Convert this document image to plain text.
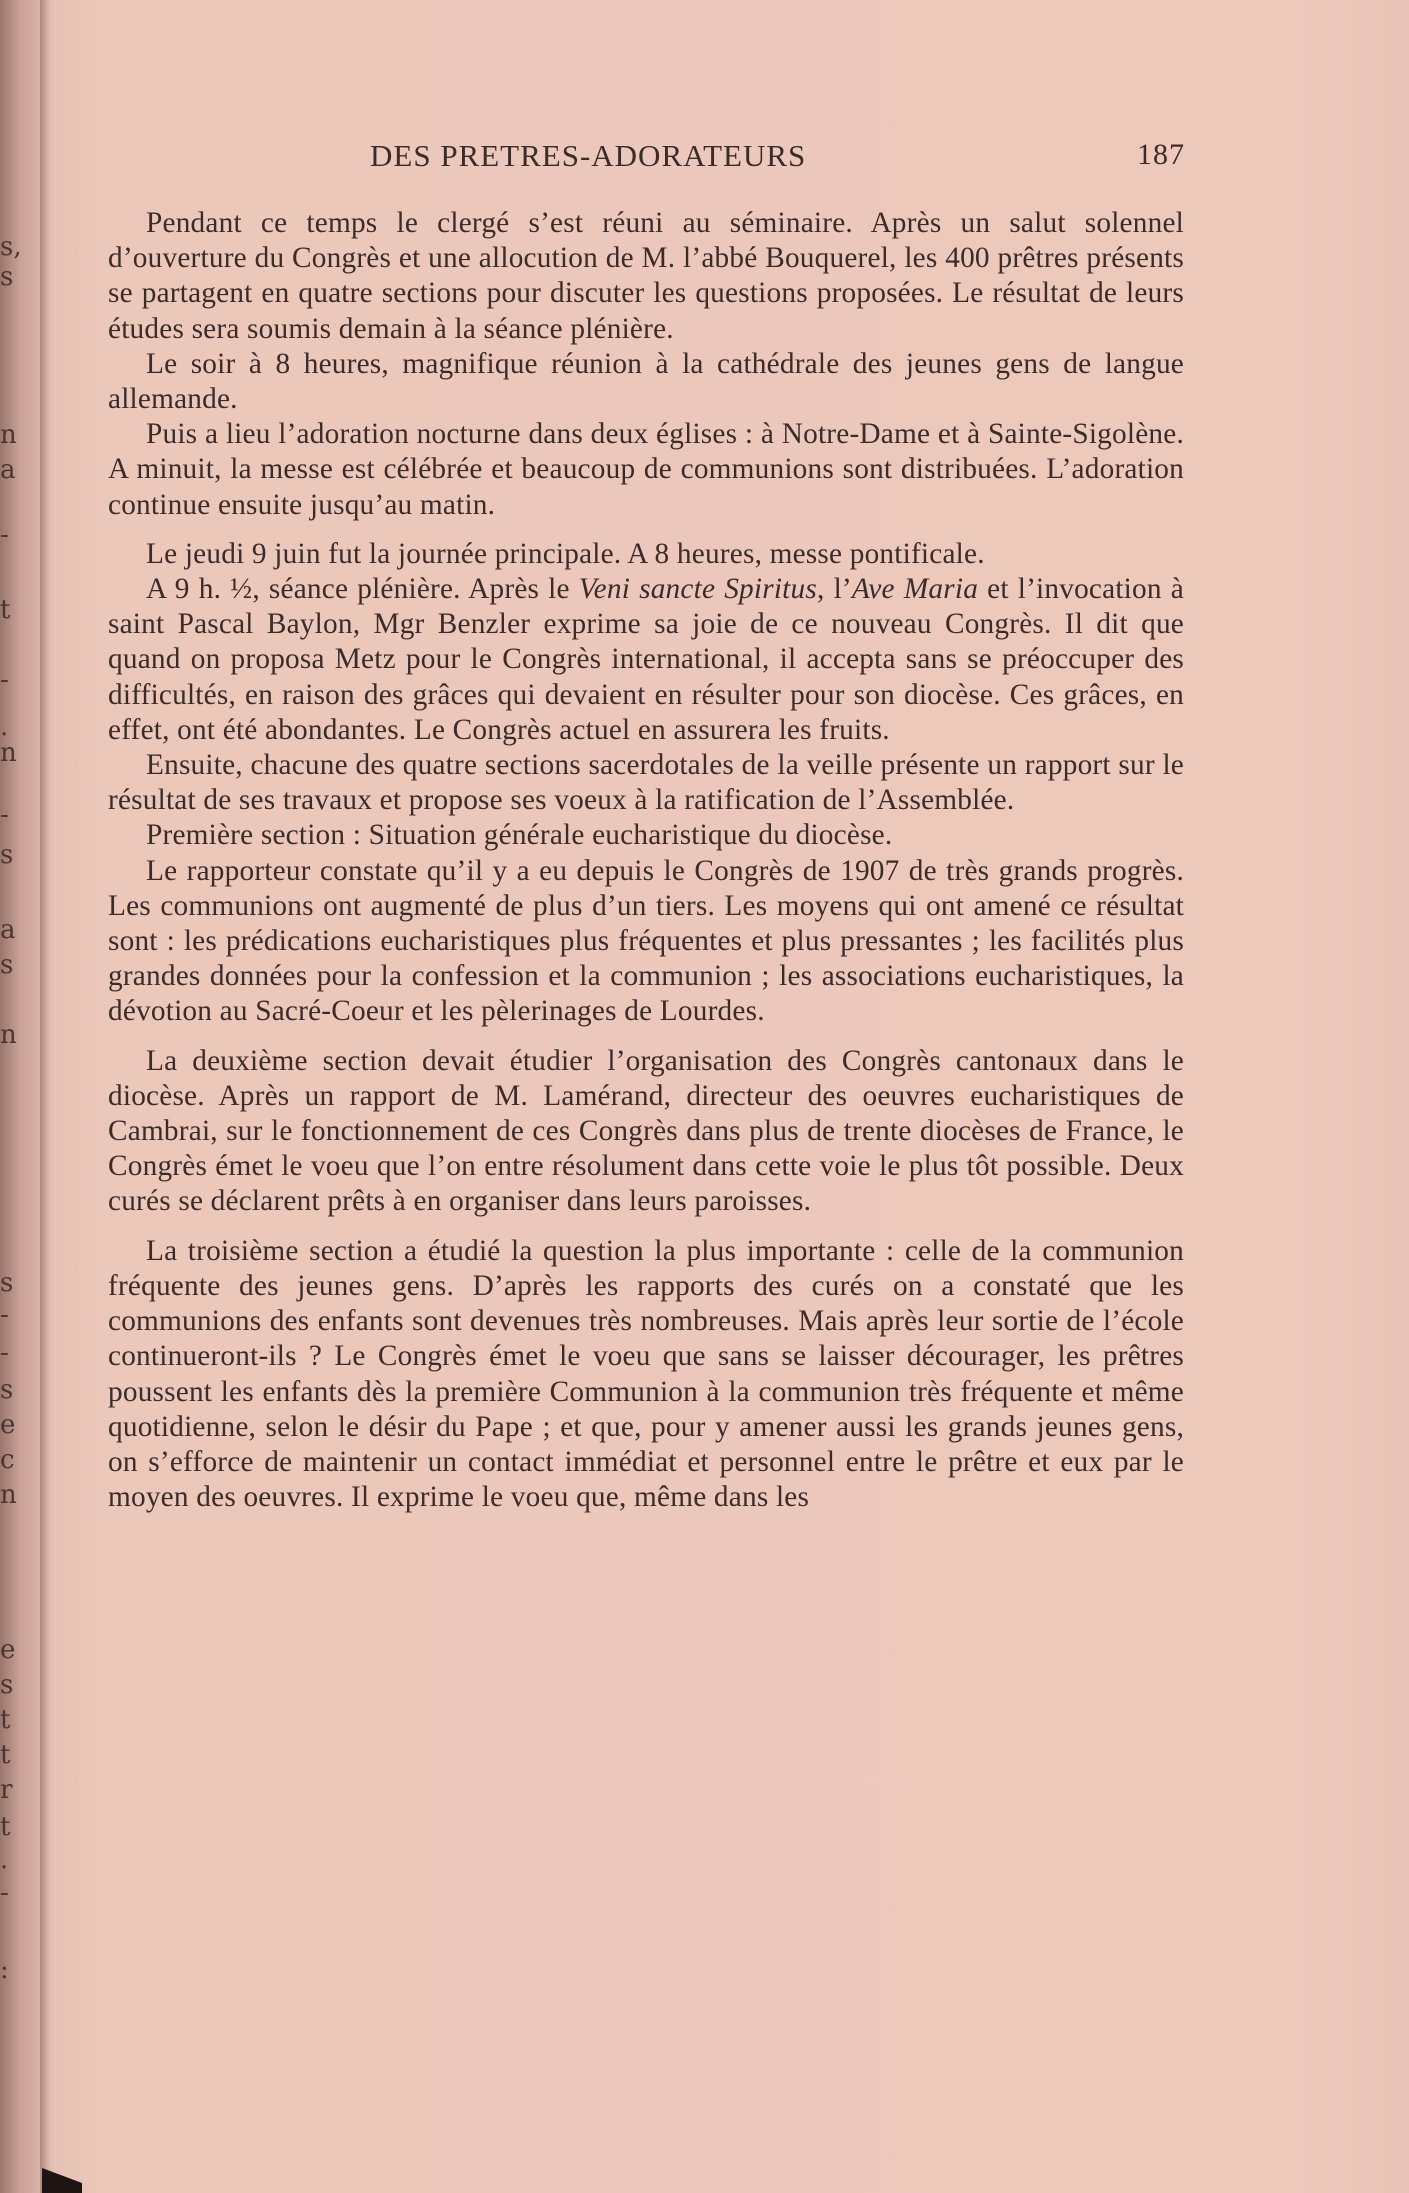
s,
s
n
a
-
t
-
.
n
-
s
a
s
n
s
-
-
s
e
c
n
e
s
t
t
r
t
.
-
:
DES PRETRES-ADORATEURS	187

Pendant ce temps le clergé s’est réuni au séminaire. Après un salut solennel d’ouverture du Congrès et une allocution de M. l’abbé Bouquerel, les 400 prêtres présents se partagent en quatre sections pour discuter les questions proposées. Le résultat de leurs études sera soumis demain à la séance plénière.

Le soir à 8 heures, magnifique réunion à la cathédrale des jeunes gens de langue allemande.

Puis a lieu l’adoration nocturne dans deux églises : à Notre-Dame et à Sainte-Sigolène. A minuit, la messe est célébrée et beaucoup de communions sont distribuées. L’adoration continue ensuite jusqu’au matin.

Le jeudi 9 juin fut la journée principale. A 8 heures, messe pontificale.

A 9 h. ½, séance plénière. Après le Veni sancte Spiritus, l’Ave Maria et l’invocation à saint Pascal Baylon, Mgr Benzler exprime sa joie de ce nouveau Congrès. Il dit que quand on proposa Metz pour le Congrès international, il accepta sans se préoccuper des difficultés, en raison des grâces qui devaient en résulter pour son diocèse. Ces grâces, en effet, ont été abondantes. Le Congrès actuel en assurera les fruits.

Ensuite, chacune des quatre sections sacerdotales de la veille présente un rapport sur le résultat de ses travaux et propose ses voeux à la ratification de l’Assemblée.

Première section : Situation générale eucharistique du diocèse.

Le rapporteur constate qu’il y a eu depuis le Congrès de 1907 de très grands progrès. Les communions ont augmenté de plus d’un tiers. Les moyens qui ont amené ce résultat sont : les prédications eucharistiques plus fréquentes et plus pressantes ; les facilités plus grandes données pour la confession et la communion ; les associations eucharistiques, la dévotion au Sacré-Coeur et les pèlerinages de Lourdes.

La deuxième section devait étudier l’organisation des Congrès cantonaux dans le diocèse. Après un rapport de M. Lamérand, directeur des oeuvres eucharistiques de Cambrai, sur le fonctionnement de ces Congrès dans plus de trente diocèses de France, le Congrès émet le voeu que l’on entre résolument dans cette voie le plus tôt possible. Deux curés se déclarent prêts à en organiser dans leurs paroisses.

La troisième section a étudié la question la plus importante : celle de la communion fréquente des jeunes gens. D’après les rapports des curés on a constaté que les communions des enfants sont devenues très nombreuses. Mais après leur sortie de l’école continueront-ils ? Le Congrès émet le voeu que sans se laisser décourager, les prêtres poussent les enfants dès la première Communion à la communion très fréquente et même quotidienne, selon le désir du Pape ; et que, pour y amener aussi les grands jeunes gens, on s’efforce de maintenir un contact immédiat et personnel entre le prêtre et eux par le moyen des oeuvres. Il exprime le voeu que, même dans les
